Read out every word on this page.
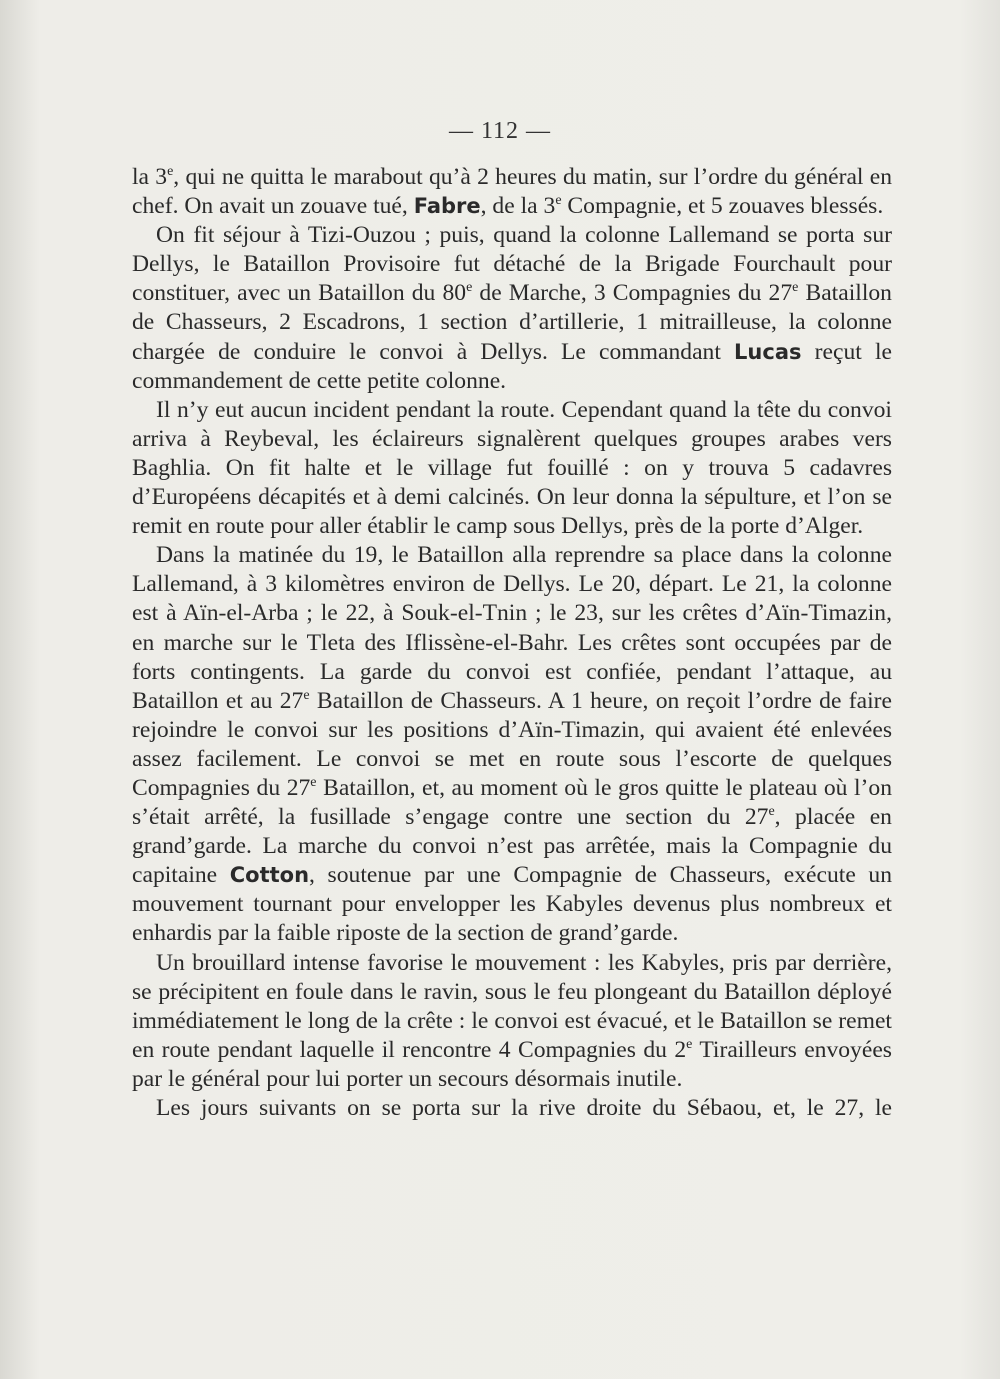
— 112 —

la 3e, qui ne quitta le marabout qu’à 2 heures du matin, sur l’ordre du général en chef. On avait un zouave tué, Fabre, de la 3e Compagnie, et 5 zouaves blessés.

On fit séjour à Tizi-Ouzou ; puis, quand la colonne Lallemand se porta sur Dellys, le Bataillon Provisoire fut détaché de la Brigade Fourchault pour constituer, avec un Bataillon du 80e de Marche, 3 Compagnies du 27e Bataillon de Chasseurs, 2 Escadrons, 1 section d’artillerie, 1 mitrailleuse, la colonne chargée de conduire le convoi à Dellys. Le commandant Lucas reçut le commandement de cette petite colonne.

Il n’y eut aucun incident pendant la route. Cependant quand la tête du convoi arriva à Reybeval, les éclaireurs signalèrent quelques groupes arabes vers Baghlia. On fit halte et le village fut fouillé : on y trouva 5 cadavres d’Européens décapités et à demi calcinés. On leur donna la sépulture, et l’on se remit en route pour aller établir le camp sous Dellys, près de la porte d’Alger.

Dans la matinée du 19, le Bataillon alla reprendre sa place dans la colonne Lallemand, à 3 kilomètres environ de Dellys. Le 20, départ. Le 21, la colonne est à Aïn-el-Arba ; le 22, à Souk-el-Tnin ; le 23, sur les crêtes d’Aïn-Timazin, en marche sur le Tleta des Iflissène-el-Bahr. Les crêtes sont occupées par de forts contingents. La garde du convoi est confiée, pendant l’attaque, au Bataillon et au 27e Bataillon de Chasseurs. A 1 heure, on reçoit l’ordre de faire rejoindre le convoi sur les positions d’Aïn-Timazin, qui avaient été enlevées assez facilement. Le convoi se met en route sous l’escorte de quelques Compagnies du 27e Bataillon, et, au moment où le gros quitte le plateau où l’on s’était arrêté, la fusillade s’engage contre une section du 27e, placée en grand’garde. La marche du convoi n’est pas arrêtée, mais la Compagnie du capitaine Cotton, soutenue par une Compagnie de Chasseurs, exécute un mouvement tournant pour envelopper les Kabyles devenus plus nombreux et enhardis par la faible riposte de la section de grand’garde.

Un brouillard intense favorise le mouvement : les Kabyles, pris par derrière, se précipitent en foule dans le ravin, sous le feu plongeant du Bataillon déployé immédiatement le long de la crête : le convoi est évacué, et le Bataillon se remet en route pendant laquelle il rencontre 4 Compagnies du 2e Tirailleurs envoyées par le général pour lui porter un secours désormais inutile.

Les jours suivants on se porta sur la rive droite du Sébaou, et, le 27, le
